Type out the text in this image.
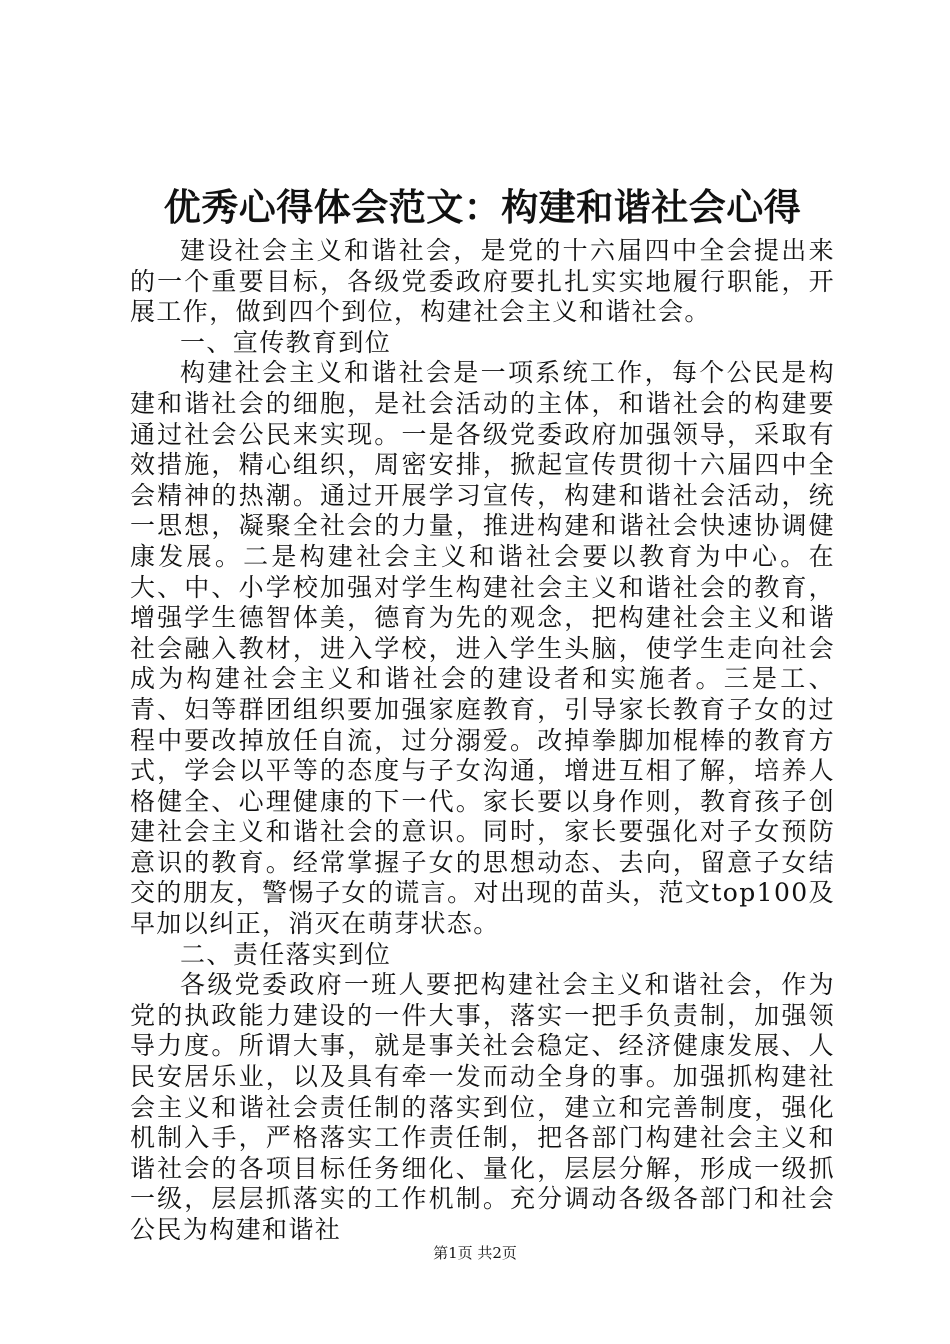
优秀心得体会范文：构建和谐社会心得

建设社会主义和谐社会，是党的十六届四中全会提出来的一个重要目标，各级党委政府要扎扎实实地履行职能，开展工作，做到四个到位，构建社会主义和谐社会。

一、宣传教育到位

构建社会主义和谐社会是一项系统工作，每个公民是构建和谐社会的细胞，是社会活动的主体，和谐社会的构建要通过社会公民来实现。一是各级党委政府加强领导，采取有效措施，精心组织，周密安排，掀起宣传贯彻十六届四中全会精神的热潮。通过开展学习宣传，构建和谐社会活动，统一思想，凝聚全社会的力量，推进构建和谐社会快速协调健康发展。二是构建社会主义和谐社会要以教育为中心。在大、中、小学校加强对学生构建社会主义和谐社会的教育，增强学生德智体美，德育为先的观念，把构建社会主义和谐社会融入教材，进入学校，进入学生头脑，使学生走向社会成为构建社会主义和谐社会的建设者和实施者。三是工、青、妇等群团组织要加强家庭教育，引导家长教育子女的过程中要改掉放任自流，过分溺爱。改掉拳脚加棍棒的教育方式，学会以平等的态度与子女沟通，增进互相了解，培养人格健全、心理健康的下一代。家长要以身作则，教育孩子创建社会主义和谐社会的意识。同时，家长要强化对子女预防意识的教育。经常掌握子女的思想动态、去向，留意子女结交的朋友，警惕子女的谎言。对出现的苗头，范文top100及早加以纠正，消灭在萌芽状态。

二、责任落实到位

各级党委政府一班人要把构建社会主义和谐社会，作为党的执政能力建设的一件大事，落实一把手负责制，加强领导力度。所谓大事，就是事关社会稳定、经济健康发展、人民安居乐业，以及具有牵一发而动全身的事。加强抓构建社会主义和谐社会责任制的落实到位，建立和完善制度，强化机制入手，严格落实工作责任制，把各部门构建社会主义和谐社会的各项目标任务细化、量化，层层分解，形成一级抓一级，层层抓落实的工作机制。充分调动各级各部门和社会公民为构建和谐社

第1页 共2页
